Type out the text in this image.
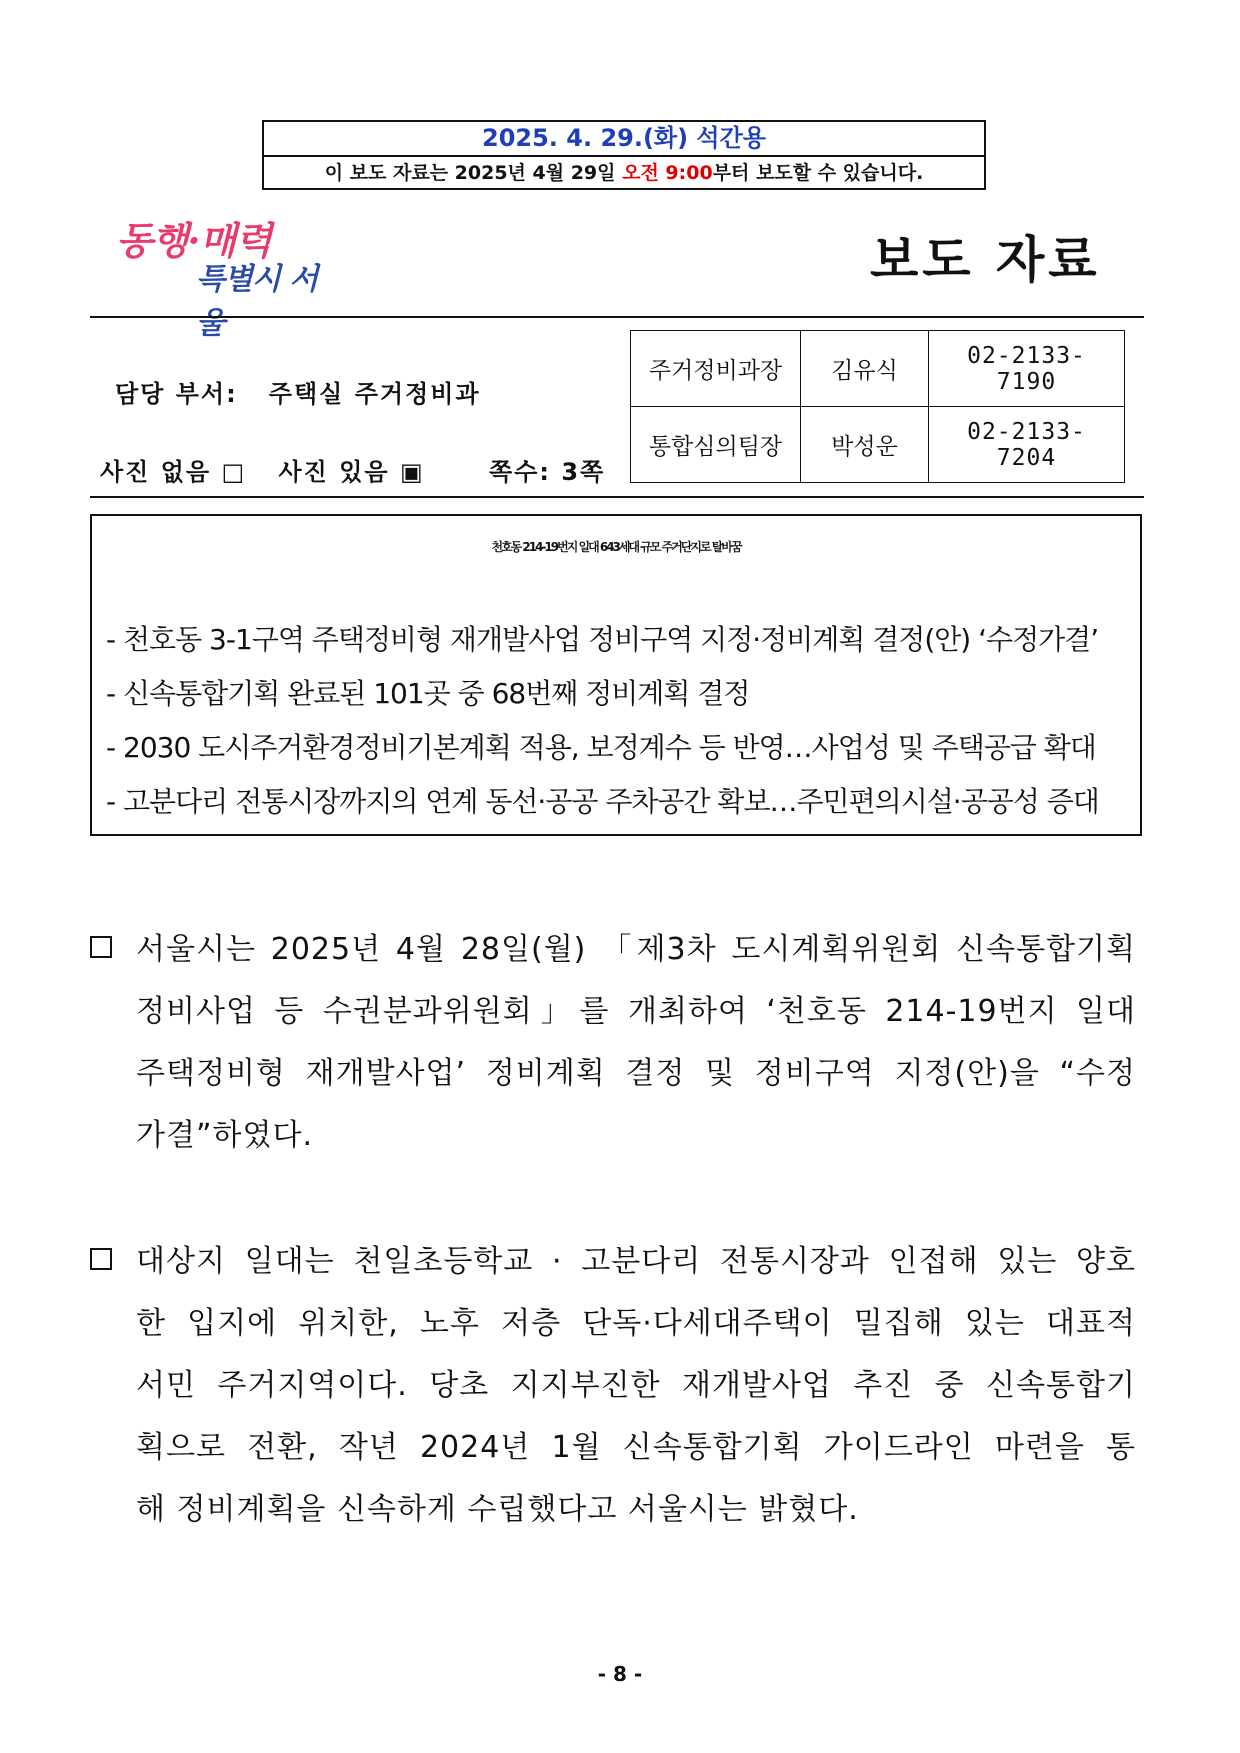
2025. 4. 29.(화) 석간용
이 보도 자료는 2025년 4월 29일 오전 9:00부터 보도할 수 있습니다.
동행·매력
특별시 서울
보도 자료
담당 부서: 주택실 주거정비과
사진 없음 □ 사진 있음 ▣	쪽수: 3쪽
주거정비과장	김유식	02-2133-7190
통합심의팀장	박성운	02-2133-7204
천호동 214-19번지 일대 643세대 규모 주거단지로 탈바꿈
- 천호동 3-1구역 주택정비형 재개발사업 정비구역 지정·정비계획 결정(안) ‘수정가결’
- 신속통합기획 완료된 101곳 중 68번째 정비계획 결정
- 2030 도시주거환경정비기본계획 적용, 보정계수 등 반영…사업성 및 주택공급 확대
- 고분다리 전통시장까지의 연계 동선·공공 주차공간 확보…주민편의시설·공공성 증대
서울시는 2025년 4월 28일(월) 「제3차 도시계획위원회 신속통합기획
정비사업 등 수권분과위원회」를 개최하여 ‘천호동 214-19번지 일대
주택정비형 재개발사업’ 정비계획 결정 및 정비구역 지정(안)을 “수정
가결”하였다.
대상지 일대는 천일초등학교 · 고분다리 전통시장과 인접해 있는 양호
한 입지에 위치한, 노후 저층 단독·다세대주택이 밀집해 있는 대표적
서민 주거지역이다. 당초 지지부진한 재개발사업 추진 중 신속통합기
획으로 전환, 작년 2024년 1월 신속통합기획 가이드라인 마련을 통
해 정비계획을 신속하게 수립했다고 서울시는 밝혔다.
- 8 -
